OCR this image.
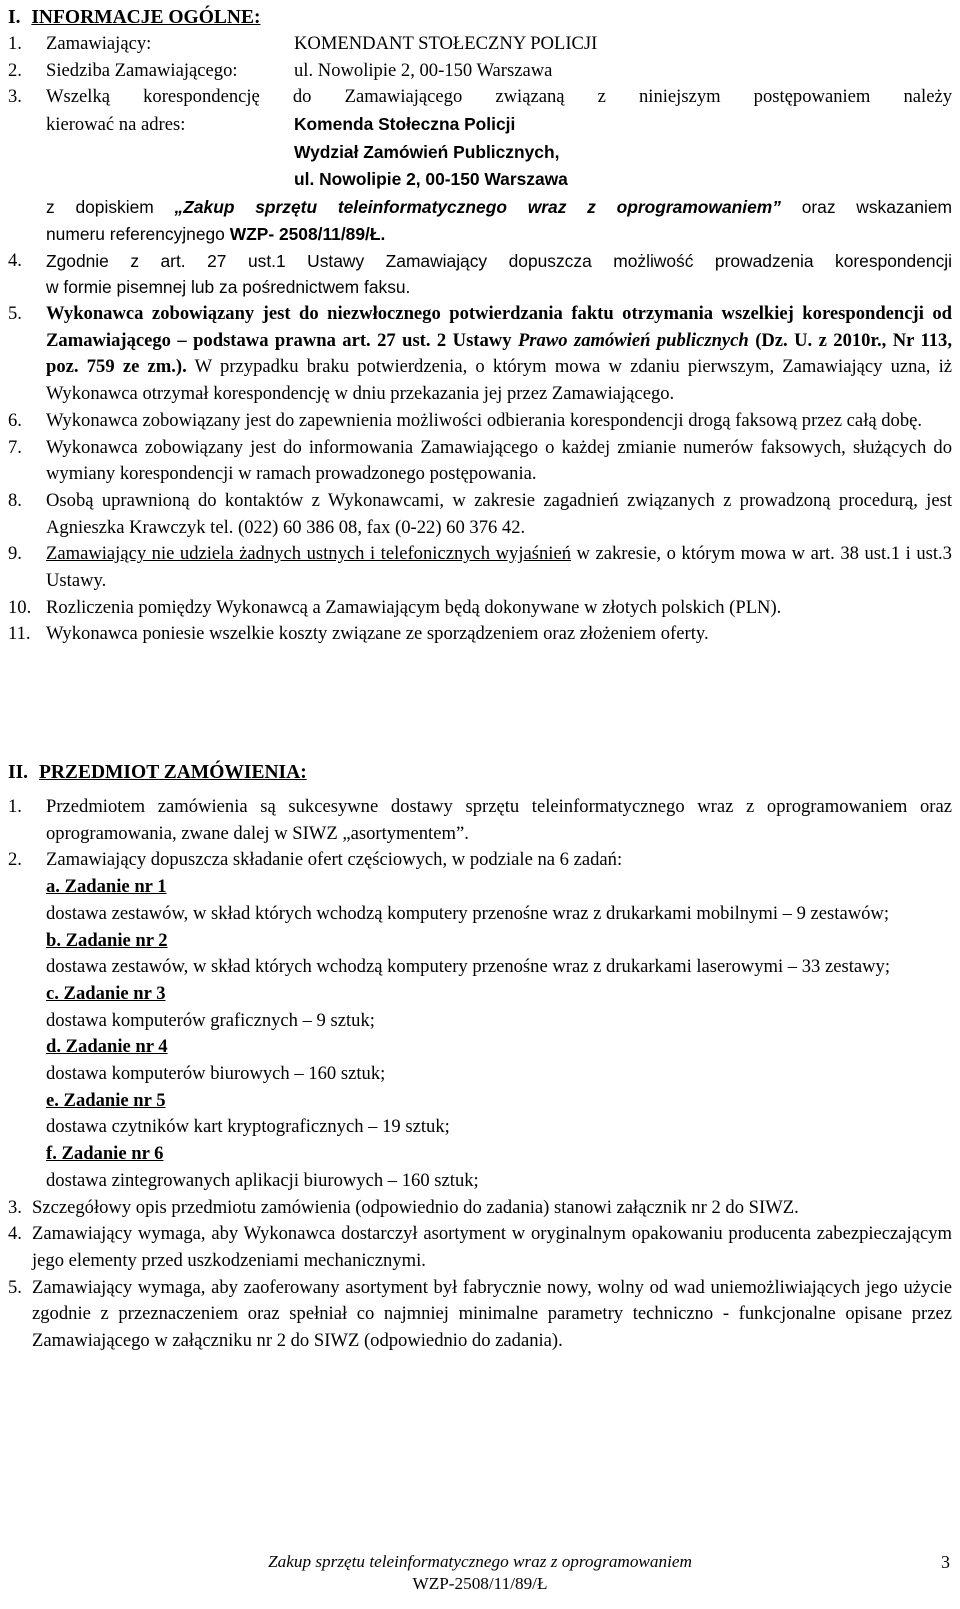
I. INFORMACJE OGÓLNE:
1. Zamawiający:	KOMENDANT STOŁECZNY POLICJI
2. Siedziba Zamawiającego:	ul. Nowolipie 2, 00-150 Warszawa
3. Wszelką korespondencję do Zamawiającego związaną z niniejszym postępowaniem należy
kierować na adres:	Komenda Stołeczna Policji
Wydział Zamówień Publicznych,
ul. Nowolipie 2, 00-150 Warszawa
z dopiskiem „Zakup sprzętu teleinformatycznego wraz z oprogramowaniem” oraz wskazaniem
numeru referencyjnego WZP- 2508/11/89/Ł.
4. Zgodnie z art. 27 ust.1 Ustawy Zamawiający dopuszcza możliwość prowadzenia korespondencji
w formie pisemnej lub za pośrednictwem faksu.
5. Wykonawca zobowiązany jest do niezwłocznego potwierdzania faktu otrzymania wszelkiej korespondencji od Zamawiającego – podstawa prawna art. 27 ust. 2 Ustawy Prawo zamówień publicznych (Dz. U. z 2010r., Nr 113, poz. 759 ze zm.). W przypadku braku potwierdzenia, o którym mowa w zdaniu pierwszym, Zamawiający uzna, iż Wykonawca otrzymał korespondencję w dniu przekazania jej przez Zamawiającego.
6. Wykonawca zobowiązany jest do zapewnienia możliwości odbierania korespondencji drogą faksową przez całą dobę.
7. Wykonawca zobowiązany jest do informowania Zamawiającego o każdej zmianie numerów faksowych, służących do wymiany korespondencji w ramach prowadzonego postępowania.
8. Osobą uprawnioną do kontaktów z Wykonawcami, w zakresie zagadnień związanych z prowadzoną procedurą, jest Agnieszka Krawczyk tel. (022) 60 386 08, fax (0-22) 60 376 42.
9. Zamawiający nie udziela żadnych ustnych i telefonicznych wyjaśnień w zakresie, o którym mowa w art. 38 ust.1 i ust.3 Ustawy.
10. Rozliczenia pomiędzy Wykonawcą a Zamawiającym będą dokonywane w złotych polskich (PLN).
11. Wykonawca poniesie wszelkie koszty związane ze sporządzeniem oraz złożeniem oferty.
II. PRZEDMIOT ZAMÓWIENIA:
1. Przedmiotem zamówienia są sukcesywne dostawy sprzętu teleinformatycznego wraz z oprogramowaniem oraz oprogramowania, zwane dalej w SIWZ „asortymentem”.
2. Zamawiający dopuszcza składanie ofert częściowych, w podziale na 6 zadań:
a. Zadanie nr 1
dostawa zestawów, w skład których wchodzą komputery przenośne wraz z drukarkami mobilnymi – 9 zestawów;
b. Zadanie nr 2
dostawa zestawów, w skład których wchodzą komputery przenośne wraz z drukarkami laserowymi – 33 zestawy;
c. Zadanie nr 3
dostawa komputerów graficznych – 9 sztuk;
d. Zadanie nr 4
dostawa komputerów biurowych – 160 sztuk;
e. Zadanie nr 5
dostawa czytników kart kryptograficznych – 19 sztuk;
f. Zadanie nr 6
dostawa zintegrowanych aplikacji biurowych – 160 sztuk;
3. Szczegółowy opis przedmiotu zamówienia (odpowiednio do zadania) stanowi załącznik nr 2 do SIWZ.
4. Zamawiający wymaga, aby Wykonawca dostarczył asortyment w oryginalnym opakowaniu producenta zabezpieczającym jego elementy przed uszkodzeniami mechanicznymi.
5. Zamawiający wymaga, aby zaoferowany asortyment był fabrycznie nowy, wolny od wad uniemożliwiających jego użycie zgodnie z przeznaczeniem oraz spełniał co najmniej minimalne parametry techniczno - funkcjonalne opisane przez Zamawiającego w załączniku nr 2 do SIWZ (odpowiednio do zadania).
Zakup sprzętu teleinformatycznego wraz z oprogramowaniem
WZP-2508/11/89/Ł
3
